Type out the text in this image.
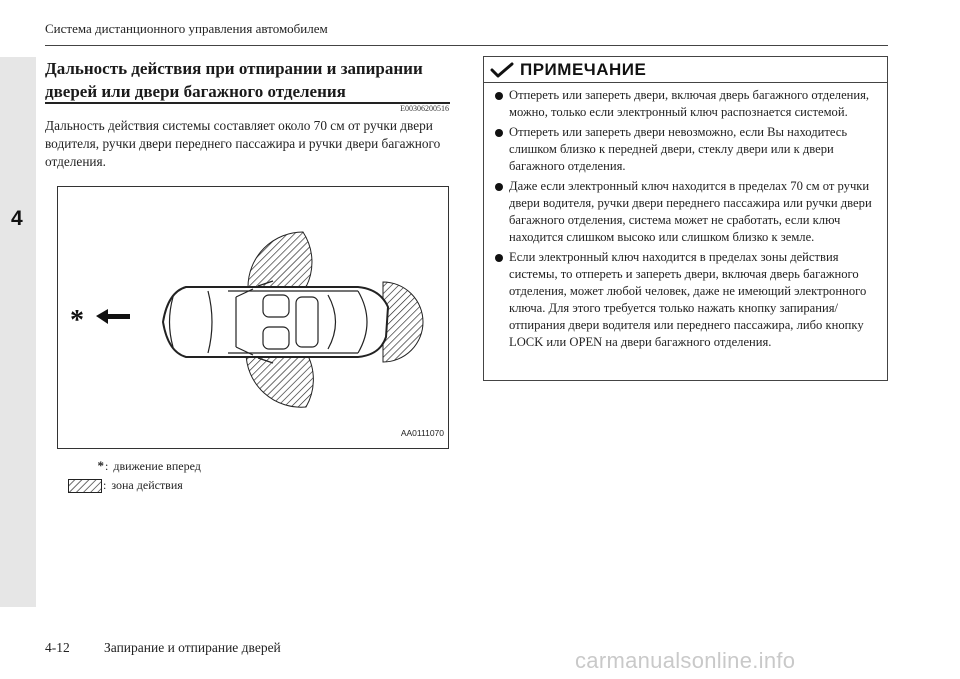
4
Система дистанционного управления автомобилем
Дальность действия при отпирании и запирании
дверей или двери багажного отделения
E00306200516
Дальность действия системы составляет около 70 см от ручки двери водителя, ручки двери переднего пассажира и ручки двери багажного отделения.
*
AA0111070
* : движение вперед
: зона действия
ПРИМЕЧАНИЕ
Отпереть или запереть двери, включая дверь багажного отделения, можно, только если электронный ключ распознается системой.
Отпереть или запереть двери невозможно, если Вы находитесь слишком близко к передней двери, стеклу двери или к двери багажного отделения.
Даже если электронный ключ находится в пределах 70 см от ручки двери водителя, ручки двери переднего пассажира или ручки двери багажного отделения, система может не сработать, если ключ находится слишком высоко или слишком близко к земле.
Если электронный ключ находится в пределах зоны действия системы, то отпереть и запереть двери, включая дверь багажного отделения, может любой человек, даже не имеющий электронного ключа. Для этого требуется только нажать кнопку запирания/отпирания двери водителя или переднего пассажира, либо кнопку LOCK или OPEN на двери багажного отделения.
4-12	Запирание и отпирание дверей
carmanualsonline.info
